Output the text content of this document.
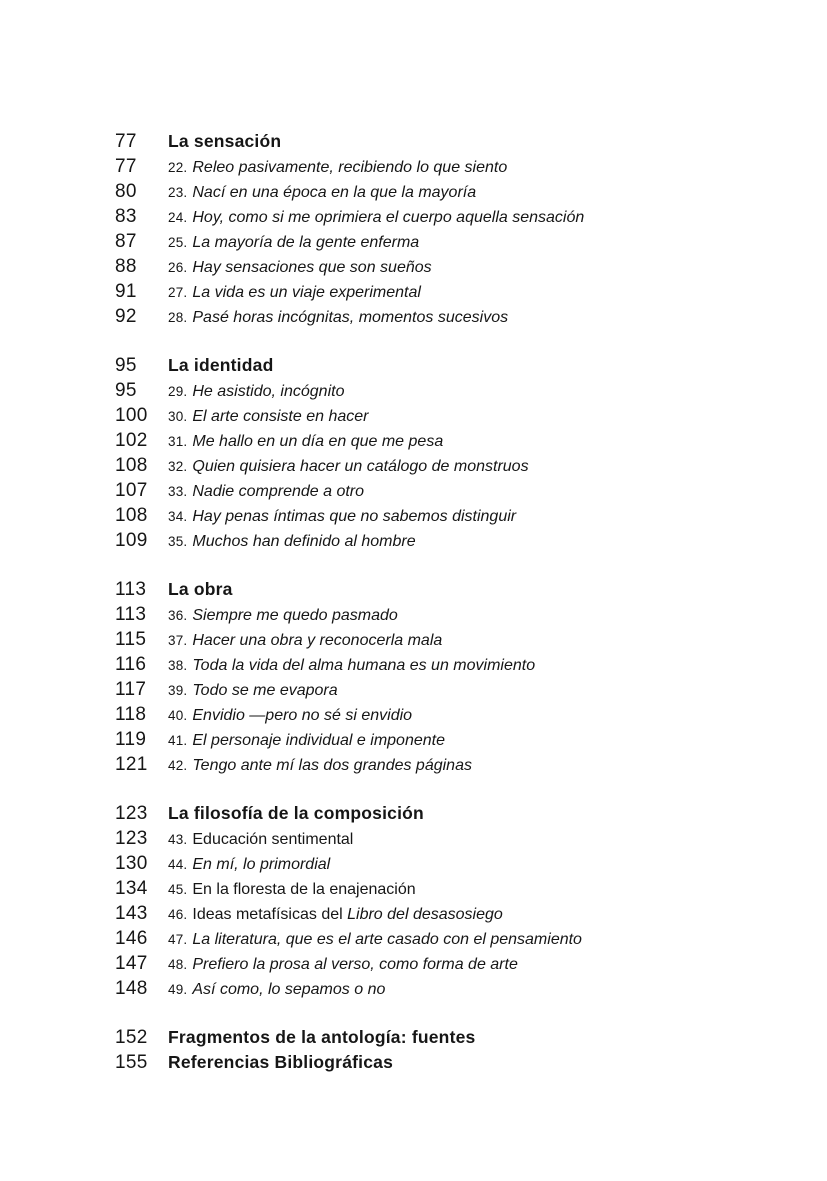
77	La sensación
77	22. Releo pasivamente, recibiendo lo que siento
80	23. Nací en una época en la que la mayoría
83	24. Hoy, como si me oprimiera el cuerpo aquella sensación
87	25. La mayoría de la gente enferma
88	26. Hay sensaciones que son sueños
91	27. La vida es un viaje experimental
92	28. Pasé horas incógnitas, momentos sucesivos
95	La identidad
95	29. He asistido, incógnito
100	30. El arte consiste en hacer
102	31. Me hallo en un día en que me pesa
108	32. Quien quisiera hacer un catálogo de monstruos
107	33. Nadie comprende a otro
108	34. Hay penas íntimas que no sabemos distinguir
109	35. Muchos han definido al hombre
113	La obra
113	36. Siempre me quedo pasmado
115	37. Hacer una obra y reconocerla mala
116	38. Toda la vida del alma humana es un movimiento
117	39. Todo se me evapora
118	40. Envidio —pero no sé si envidio
119	41. El personaje individual e imponente
121	42. Tengo ante mí las dos grandes páginas
123	La filosofía de la composición
123	43. Educación sentimental
130	44. En mí, lo primordial
134	45. En la floresta de la enajenación
143	46. Ideas metafísicas del Libro del desasosiego
146	47. La literatura, que es el arte casado con el pensamiento
147	48. Prefiero la prosa al verso, como forma de arte
148	49. Así como, lo sepamos o no
152	Fragmentos de la antología: fuentes
155	Referencias Bibliográficas
